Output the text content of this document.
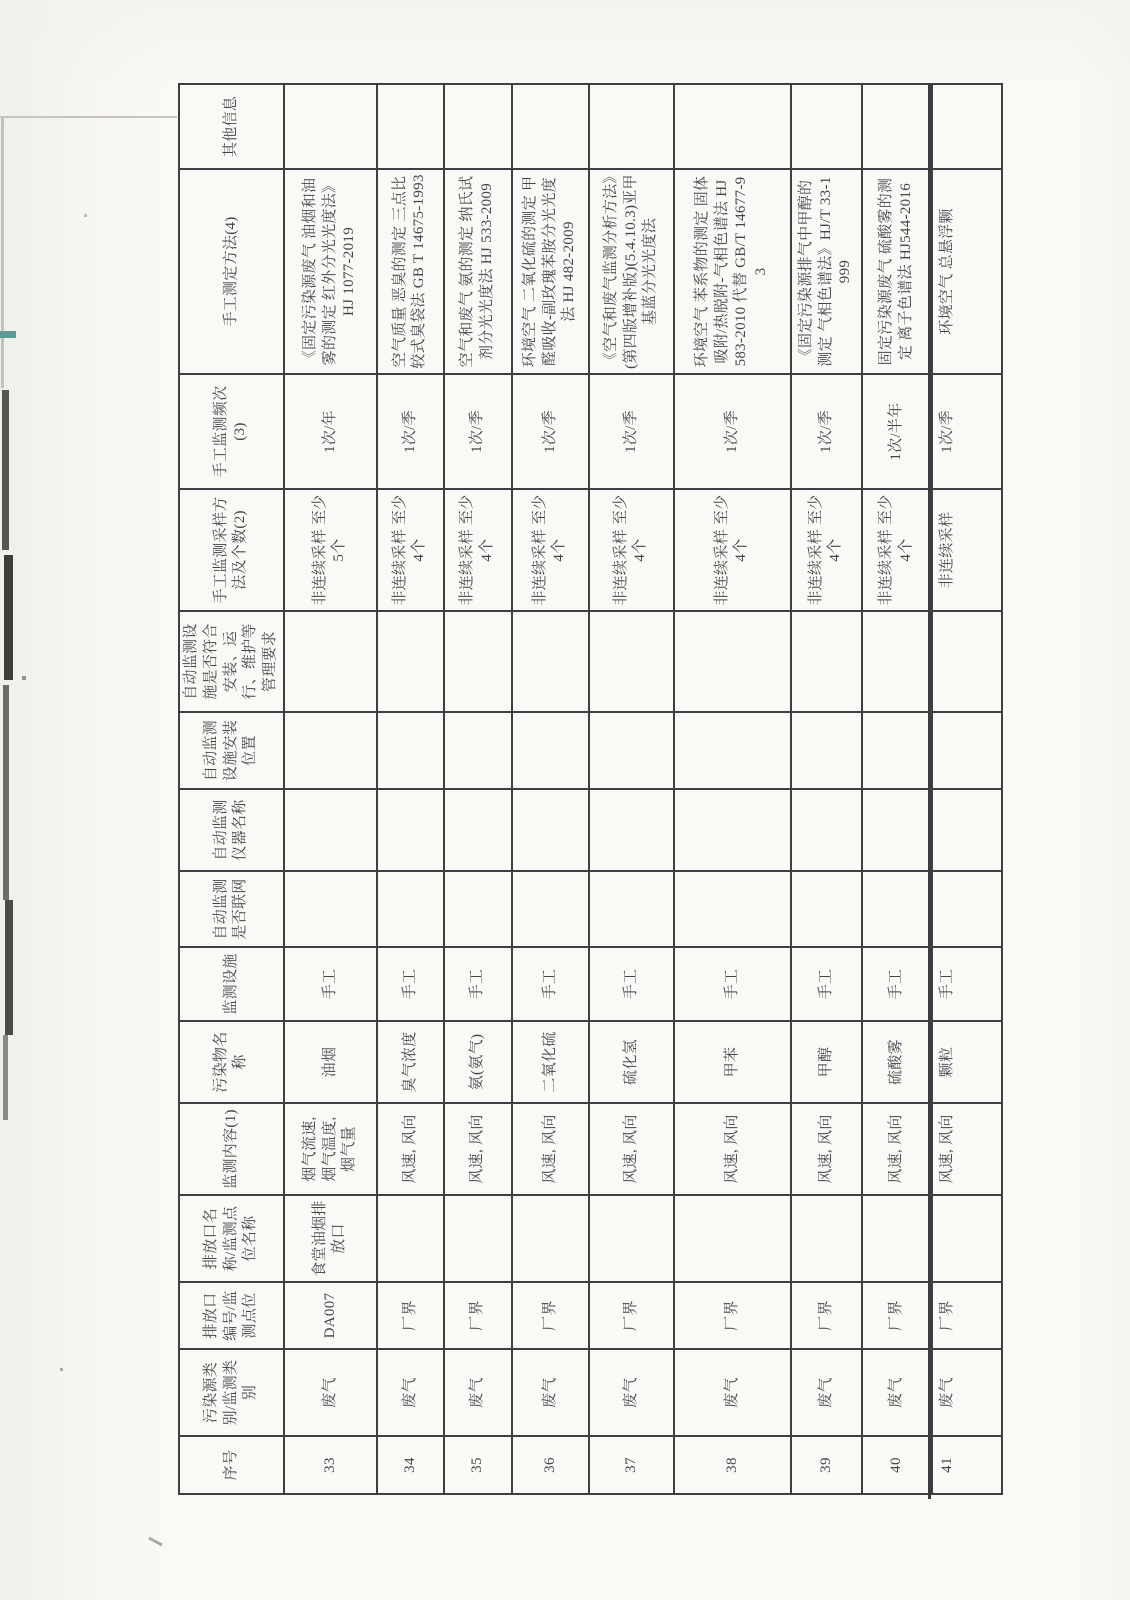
序号	污染源类别/监测类别	排放口编号/监测点位	排放口名称/监测点位名称	监测内容(1)	污染物名称	监测设施	自动监测是否联网	自动监测仪器名称	自动监测设施安装位置	自动监测设施是否符合安装、运行、维护等管理要求	手工监测采样方法及个数(2)	手工监测频次(3)	手工测定方法(4)	其他信息
33	废气	DA007	食堂油烟排放口	烟气流速, 烟气温度, 烟气量	油烟	手工					非连续采样 至少5个	1次/年	《固定污染源废气 油烟和油雾的测定 红外分光光度法》 HJ 1077-2019	
34	废气	厂界		风速, 风向	臭气浓度	手工					非连续采样 至少4个	1次/季	空气质量 恶臭的测定 三点比较式臭袋法 GB T 14675-1993	
35	废气	厂界		风速, 风向	氨(氨气)	手工					非连续采样 至少4个	1次/季	空气和废气 氨的测定 纳氏试剂分光光度法 HJ 533-2009	
36	废气	厂界		风速, 风向	二氧化硫	手工					非连续采样 至少4个	1次/季	环境空气 二氧化硫的测定 甲醛吸收-副玫瑰苯胺分光光度法 HJ 482-2009	
37	废气	厂界		风速, 风向	硫化氢	手工					非连续采样 至少4个	1次/季	《空气和废气监测分析方法》(第四版增补版)(5.4.10.3)亚甲基蓝分光光度法	
38	废气	厂界		风速, 风向	甲苯	手工					非连续采样 至少4个	1次/季	环境空气 苯系物的测定 固体吸附/热脱附-气相色谱法 HJ 583-2010 代替 GB/T 14677-93	
39	废气	厂界		风速, 风向	甲醇	手工					非连续采样 至少4个	1次/季	《固定污染源排气中甲醇的测定 气相色谱法》HJ/T 33-1999	
40	废气	厂界		风速, 风向	硫酸雾	手工					非连续采样 至少4个	1次/半年	固定污染源废气 硫酸雾的测定 离子色谱法 HJ544-2016	
41	废气	厂界		风速, 风向	颗粒	手工					非连续采样	1次/季	环境空气 总悬浮颗	
